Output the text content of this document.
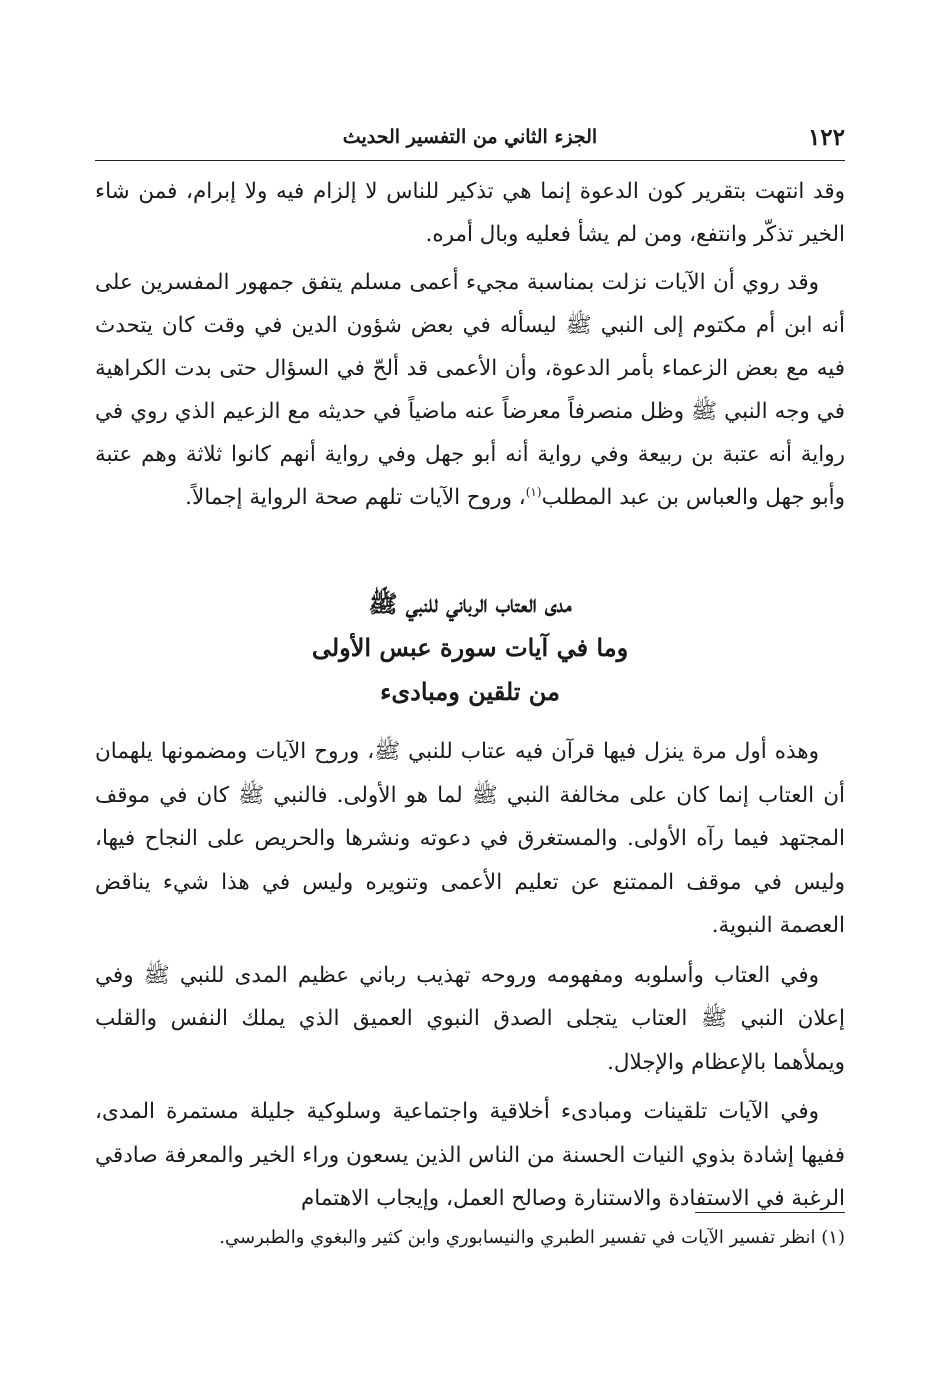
١٢٢
الجزء الثاني من التفسير الحديث

وقد انتهت بتقرير كون الدعوة إنما هي تذكير للناس لا إلزام فيه ولا إبرام، فمن شاء الخير تذكّر وانتفع، ومن لم يشأ فعليه وبال أمره.

وقد روي أن الآيات نزلت بمناسبة مجيء أعمى مسلم يتفق جمهور المفسرين على أنه ابن أم مكتوم إلى النبي ﷺ ليسأله في بعض شؤون الدين في وقت كان يتحدث فيه مع بعض الزعماء بأمر الدعوة، وأن الأعمى قد ألحّ في السؤال حتى بدت الكراهية في وجه النبي ﷺ وظل منصرفاً معرضاً عنه ماضياً في حديثه مع الزعيم الذي روي في رواية أنه عتبة بن ربيعة وفي رواية أنه أبو جهل وفي رواية أنهم كانوا ثلاثة وهم عتبة وأبو جهل والعباس بن عبد المطلب$^{(١)}$، وروح الآيات تلهم صحة الرواية إجمالاً.

مدى العتاب الرباني للنبي ﷺ
وما في آيات سورة عبس الأولى
من تلقين ومبادىء

وهذه أول مرة ينزل فيها قرآن فيه عتاب للنبي ﷺ، وروح الآيات ومضمونها يلهمان أن العتاب إنما كان على مخالفة النبي ﷺ لما هو الأولى. فالنبي ﷺ كان في موقف المجتهد فيما رآه الأولى. والمستغرق في دعوته ونشرها والحريص على النجاح فيها، وليس في موقف الممتنع عن تعليم الأعمى وتنويره وليس في هذا شيء يناقض العصمة النبوية.

وفي العتاب وأسلوبه ومفهومه وروحه تهذيب رباني عظيم المدى للنبي ﷺ وفي إعلان النبي ﷺ العتاب يتجلى الصدق النبوي العميق الذي يملك النفس والقلب ويملأهما بالإعظام والإجلال.

وفي الآيات تلقينات ومبادىء أخلاقية واجتماعية وسلوكية جليلة مستمرة المدى، ففيها إشادة بذوي النيات الحسنة من الناس الذين يسعون وراء الخير والمعرفة صادقي الرغبة في الاستفادة والاستنارة وصالح العمل، وإيجاب الاهتمام

(١) انظر تفسير الآيات في تفسير الطبري والنيسابوري وابن كثير والبغوي والطبرسي.
